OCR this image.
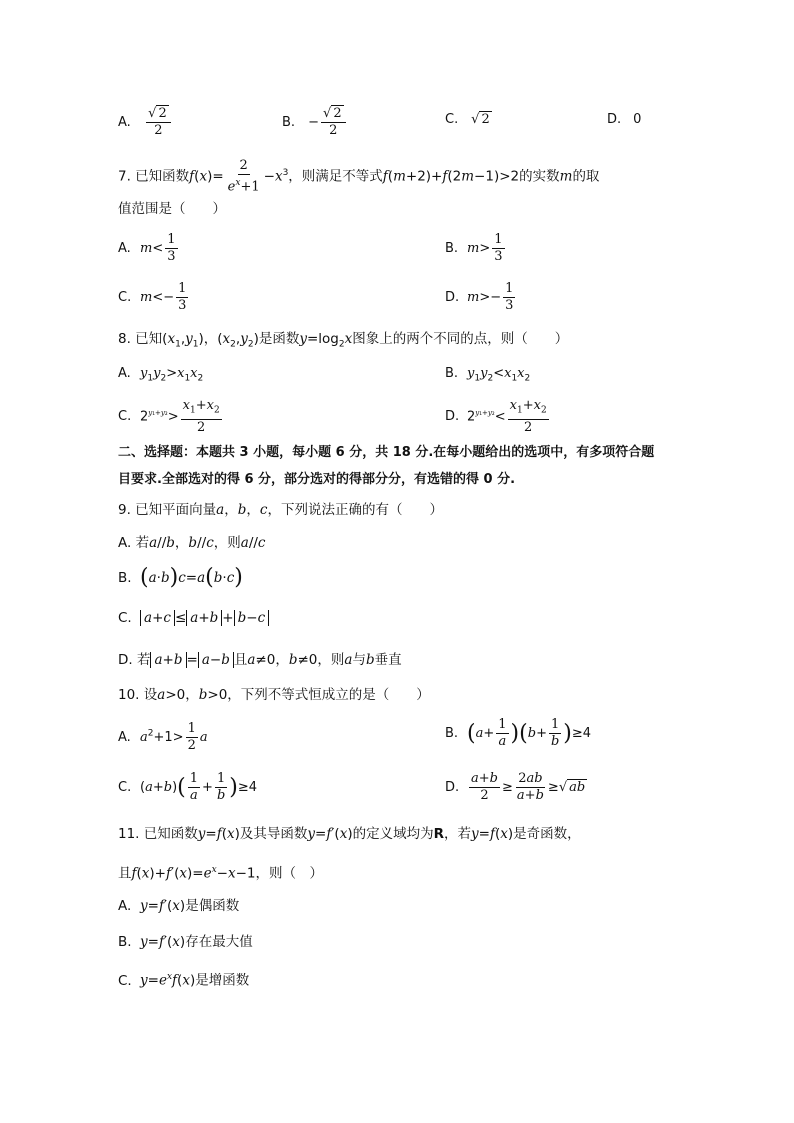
A. $\frac{√ 2}{2}$	B. − $\frac{√ 2}{2}$	C. √ 2	D. 0
7. 已知函数$f(x)= \frac{2}{e^x+1} -x^3$，则满足不等式f(m+2)+f(2m−1)>2的实数m的取
值范围是（　　）
A. $m< \frac{1}{3}$	B. $m> \frac{1}{3}$
C. $m<- \frac{1}{3}$	D. $m>- \frac{1}{3}$
8. 已知$(x_1,y_1)$，$(x_2,y_2)$是函数$y=\log_2x$图象上的两个不同的点，则（　　）
A. $y_1y_2>x_1x_2$	B. $y_1y_2<x_1x_2$
C. $2^{y_1+y_2}> \frac{x_1+x_2}{2}$	D. $2^{y_1+y_2}< \frac{x_1+x_2}{2}$
二、选择题：本题共 3 小题，每小题 6 分，共 18 分.在每小题给出的选项中，有多项符合题
目要求.全部选对的得 6 分，部分选对的得部分分，有选错的得 0 分.
9. 已知平面向量a，b，c，下列说法正确的有（　　）
A. 若a//b，b//c，则a//c
B. (a·b)c=a(b·c)
C. a+c ≤ a+b + b−c
D. 若 a+b = a−b 且a≠0，b≠0，则a与b垂直
10. 设a>0，b>0，下列不等式恒成立的是（　　）
A. $a^2+1> \frac{1}{2}$ a	B. $(a+ \frac{1}{a} )(b+ \frac{1}{b} )\ge 4$
C. $(a+b)( \frac{1}{a} + \frac{1}{b} )\ge 4$	D. $\frac{a+b}{2} \ge \frac{2ab}{a+b}$ ≥√ ab
11. 已知函数y=f(x)及其导函数y=f′(x)的定义域均为R，若y=f(x)是奇函数，
且$f(x)+f'(x)=e^x-x-1$，则（　）
A. y=f′(x)是偶函数
B. y=f′(x)存在最大值
C. $y=e^xf(x)$是增函数
